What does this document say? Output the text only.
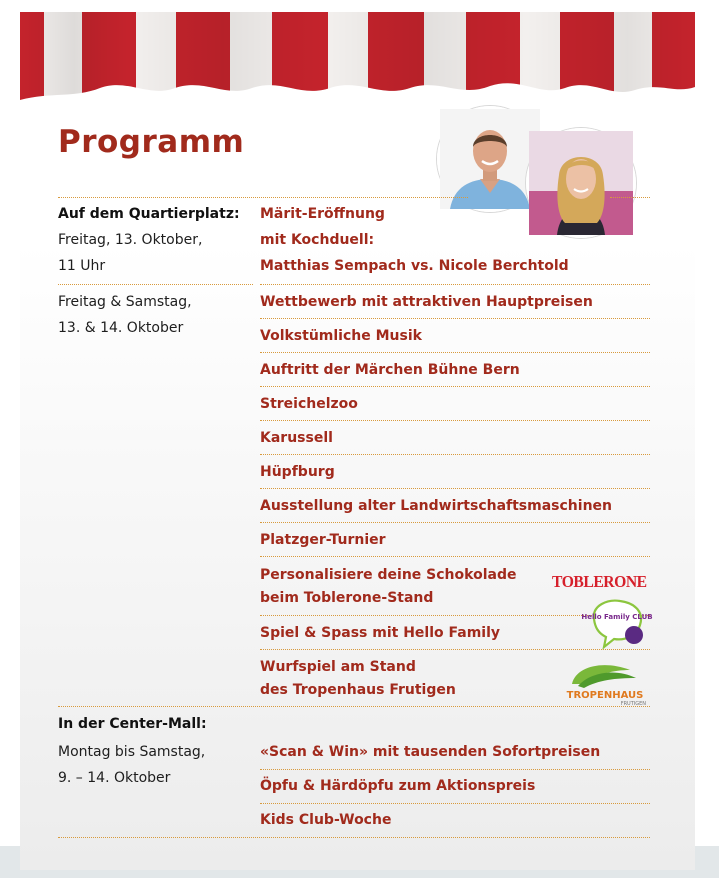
Programm
Auf dem Quartierplatz:
Freitag, 13. Oktober,
11 Uhr
Freitag & Samstag,
13. & 14. Oktober
Märit-Eröffnung
mit Kochduell:
Matthias Sempach vs. Nicole Berchtold
Wettbewerb mit attraktiven Hauptpreisen
Volkstümliche Musik
Auftritt der Märchen Bühne Bern
Streichelzoo
Karussell
Hüpfburg
Ausstellung alter Landwirtschaftsmaschinen
Platzger-Turnier
Personalisiere deine Schokolade
beim Toblerone-Stand
TOBLERONE
Spiel & Spass mit Hello Family
Hello Family CLUB
Wurfspiel am Stand
des Tropenhaus Frutigen	TROPENHAUS
FRUTIGEN
In der Center-Mall:
Montag bis Samstag,
9. – 14. Oktober
«Scan & Win» mit tausenden Sofortpreisen
Öpfu & Härdöpfu zum Aktionspreis
Kids Club-Woche
